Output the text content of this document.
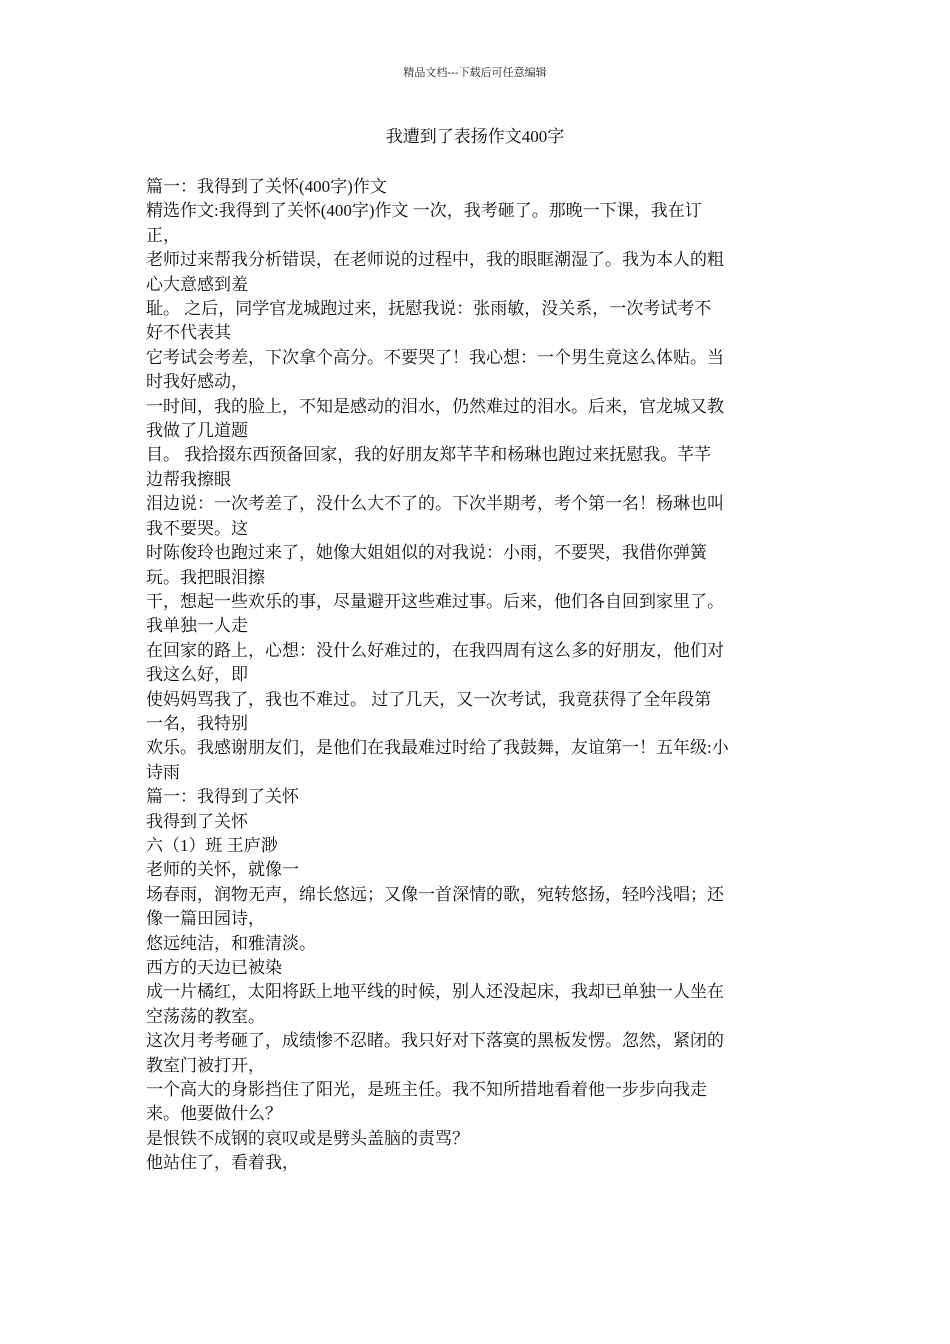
精品文档---下载后可任意编辑
我遭到了表扬作文400字
篇一：我得到了关怀(400字)作文
精选作文:我得到了关怀(400字)作文 一次，我考砸了。那晚一下课，我在订
正，
老师过来帮我分析错误，在老师说的过程中，我的眼眶潮湿了。我为本人的粗
心大意感到羞
耻。 之后，同学官龙城跑过来，抚慰我说：张雨敏，没关系，一次考试考不
好不代表其
它考试会考差，下次拿个高分。不要哭了！我心想：一个男生竟这么体贴。当
时我好感动，
一时间，我的脸上，不知是感动的泪水，仍然难过的泪水。后来，官龙城又教
我做了几道题
目。 我拾掇东西预备回家，我的好朋友郑芊芊和杨琳也跑过来抚慰我。芊芊
边帮我擦眼
泪边说：一次考差了，没什么大不了的。下次半期考，考个第一名！杨琳也叫
我不要哭。这
时陈俊玲也跑过来了，她像大姐姐似的对我说：小雨，不要哭，我借你弹簧
玩。我把眼泪擦
干，想起一些欢乐的事，尽量避开这些难过事。后来，他们各自回到家里了。
我单独一人走
在回家的路上，心想：没什么好难过的，在我四周有这么多的好朋友，他们对
我这么好，即
使妈妈骂我了，我也不难过。 过了几天，又一次考试，我竟获得了全年段第
一名，我特别
欢乐。我感谢朋友们，是他们在我最难过时给了我鼓舞，友谊第一！五年级:小
诗雨
篇一：我得到了关怀
我得到了关怀
六（1）班 王庐渺
老师的关怀，就像一
场春雨，润物无声，绵长悠远；又像一首深情的歌，宛转悠扬，轻吟浅唱；还
像一篇田园诗，
悠远纯洁，和雅清淡。
西方的天边已被染
成一片橘红，太阳将跃上地平线的时候，别人还没起床，我却已单独一人坐在
空荡荡的教室。
这次月考考砸了，成绩惨不忍睹。我只好对下落寞的黑板发愣。忽然，紧闭的
教室门被打开，
一个高大的身影挡住了阳光，是班主任。我不知所措地看着他一步步向我走
来。他要做什么？
是恨铁不成钢的哀叹或是劈头盖脑的责骂？
他站住了，看着我，
